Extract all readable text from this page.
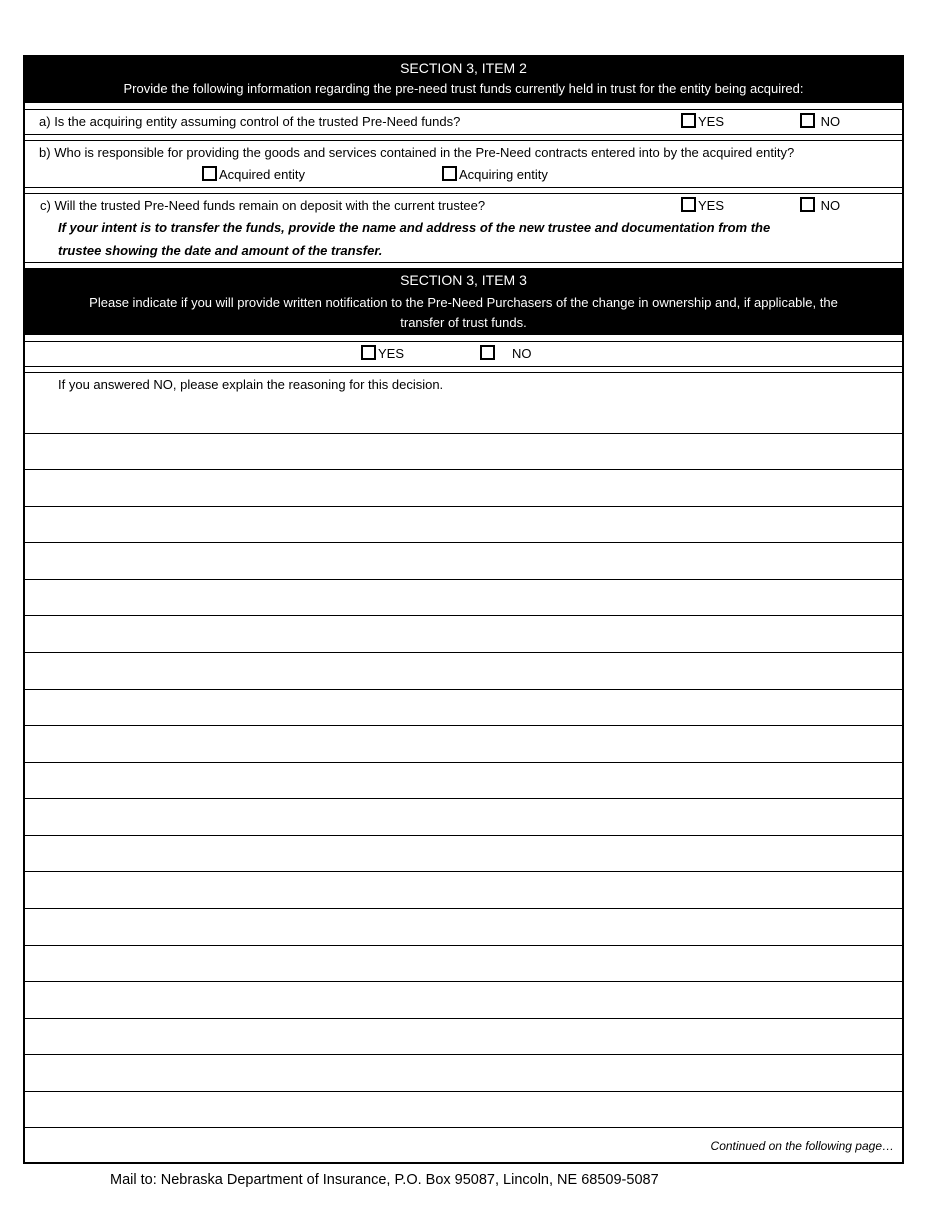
SECTION 3, ITEM 2
Provide the following information regarding the pre-need trust funds currently held in trust for the entity being acquired:
a) Is the acquiring entity assuming control of the trusted Pre-Need funds?	YES	NO
b) Who is responsible for providing the goods and services contained in the Pre-Need contracts entered into by the acquired entity?
Acquired entity	Acquiring entity
c) Will the trusted Pre-Need funds remain on deposit with the current trustee?	YES	NO
If your intent is to transfer the funds, provide the name and address of the new trustee and documentation from the
trustee showing the date and amount of the transfer.
SECTION 3, ITEM 3
Please indicate if you will provide written notification to the Pre-Need Purchasers of the change in ownership and, if applicable, the
transfer of trust funds.
YES	NO
If you answered NO, please explain the reasoning for this decision.
Continued on the following page…
Mail to: Nebraska Department of Insurance, P.O. Box 95087, Lincoln, NE 68509-5087
